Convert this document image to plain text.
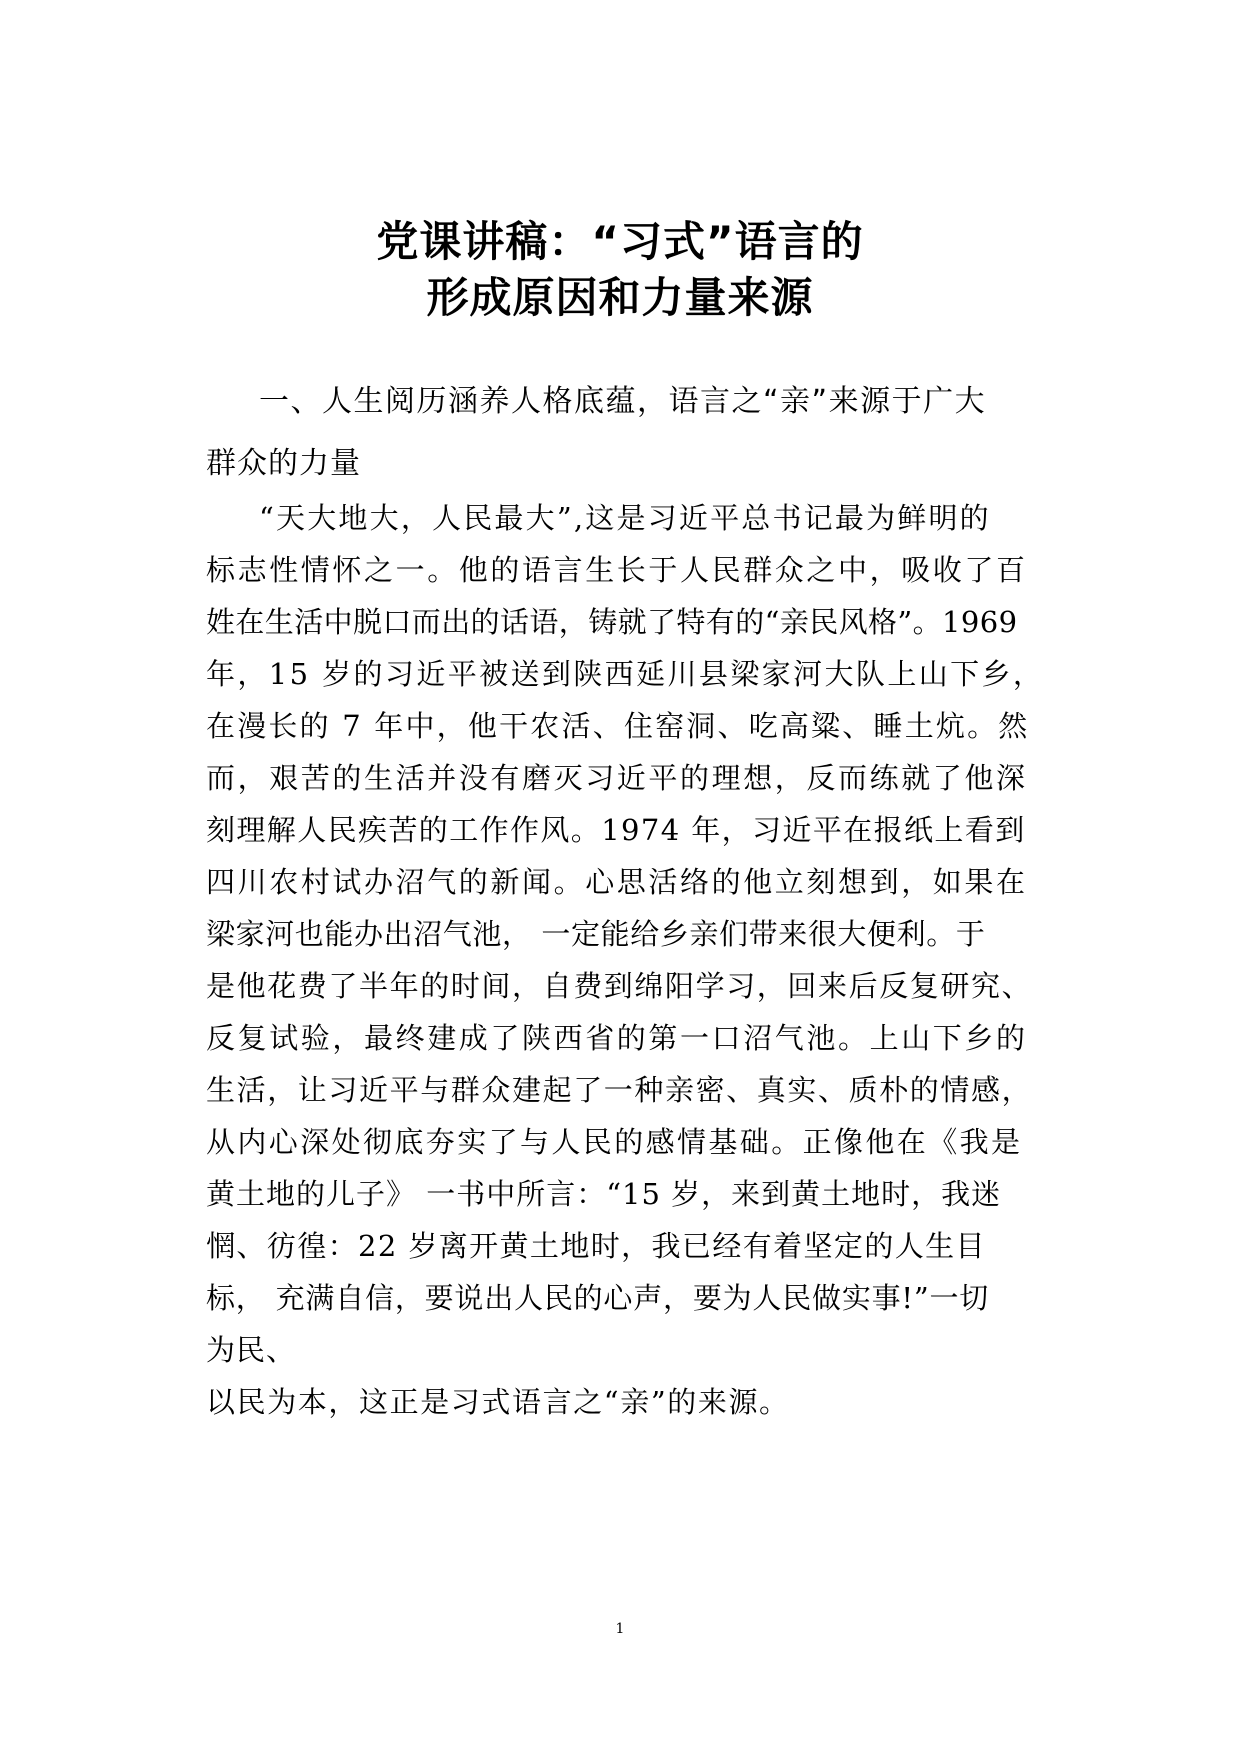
党课讲稿：“习式”语言的
形成原因和力量来源
一、人生阅历涵养人格底蕴，语言之“亲”来源于广大
群众的力量
“天大地大，人民最大”,这是习近平总书记最为鲜明的
标志性情怀之一。他的语言生长于人民群众之中，吸收了百
姓在生活中脱口而出的话语，铸就了特有的“亲民风格”。1969
年，15 岁的习近平被送到陕西延川县梁家河大队上山下乡，
在漫长的 7 年中，他干农活、住窑洞、吃高粱、睡土炕。然
而，艰苦的生活并没有磨灭习近平的理想，反而练就了他深
刻理解人民疾苦的工作作风。1974 年，习近平在报纸上看到
四川农村试办沼气的新闻。心思活络的他立刻想到，如果在
梁家河也能办出沼气池， 一定能给乡亲们带来很大便利。于
是他花费了半年的时间，自费到绵阳学习，回来后反复研究、
反复试验，最终建成了陕西省的第一口沼气池。上山下乡的
生活，让习近平与群众建起了一种亲密、真实、质朴的情感，
从内心深处彻底夯实了与人民的感情基础。正像他在《我是
黄土地的儿子》 一书中所言：“15 岁，来到黄土地时，我迷
惘、彷徨：22 岁离开黄土地时，我已经有着坚定的人生目
标， 充满自信，要说出人民的心声，要为人民做实事!”一切
为民、
以民为本，这正是习式语言之“亲”的来源。
1
